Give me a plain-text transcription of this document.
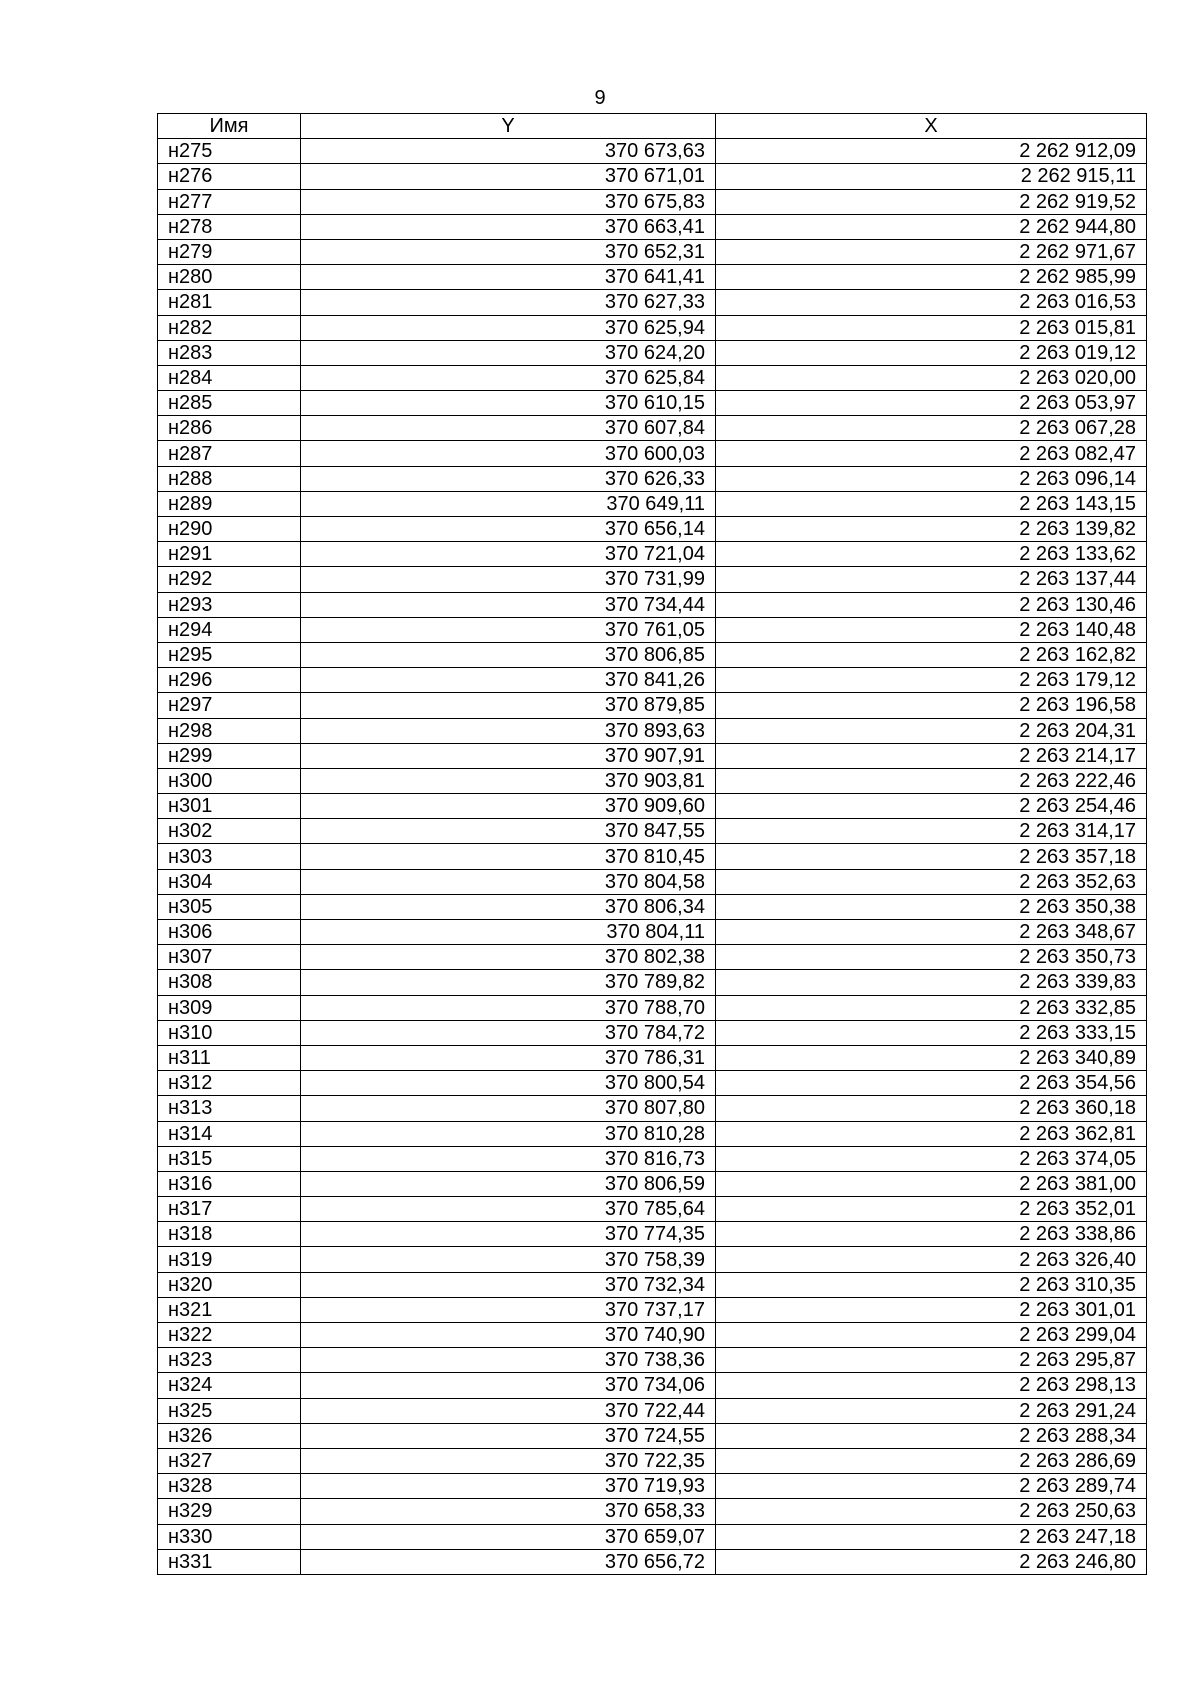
9
Имя	Y	X
н275	370 673,63	2 262 912,09
н276	370 671,01	2 262 915,11
н277	370 675,83	2 262 919,52
н278	370 663,41	2 262 944,80
н279	370 652,31	2 262 971,67
н280	370 641,41	2 262 985,99
н281	370 627,33	2 263 016,53
н282	370 625,94	2 263 015,81
н283	370 624,20	2 263 019,12
н284	370 625,84	2 263 020,00
н285	370 610,15	2 263 053,97
н286	370 607,84	2 263 067,28
н287	370 600,03	2 263 082,47
н288	370 626,33	2 263 096,14
н289	370 649,11	2 263 143,15
н290	370 656,14	2 263 139,82
н291	370 721,04	2 263 133,62
н292	370 731,99	2 263 137,44
н293	370 734,44	2 263 130,46
н294	370 761,05	2 263 140,48
н295	370 806,85	2 263 162,82
н296	370 841,26	2 263 179,12
н297	370 879,85	2 263 196,58
н298	370 893,63	2 263 204,31
н299	370 907,91	2 263 214,17
н300	370 903,81	2 263 222,46
н301	370 909,60	2 263 254,46
н302	370 847,55	2 263 314,17
н303	370 810,45	2 263 357,18
н304	370 804,58	2 263 352,63
н305	370 806,34	2 263 350,38
н306	370 804,11	2 263 348,67
н307	370 802,38	2 263 350,73
н308	370 789,82	2 263 339,83
н309	370 788,70	2 263 332,85
н310	370 784,72	2 263 333,15
н311	370 786,31	2 263 340,89
н312	370 800,54	2 263 354,56
н313	370 807,80	2 263 360,18
н314	370 810,28	2 263 362,81
н315	370 816,73	2 263 374,05
н316	370 806,59	2 263 381,00
н317	370 785,64	2 263 352,01
н318	370 774,35	2 263 338,86
н319	370 758,39	2 263 326,40
н320	370 732,34	2 263 310,35
н321	370 737,17	2 263 301,01
н322	370 740,90	2 263 299,04
н323	370 738,36	2 263 295,87
н324	370 734,06	2 263 298,13
н325	370 722,44	2 263 291,24
н326	370 724,55	2 263 288,34
н327	370 722,35	2 263 286,69
н328	370 719,93	2 263 289,74
н329	370 658,33	2 263 250,63
н330	370 659,07	2 263 247,18
н331	370 656,72	2 263 246,80
